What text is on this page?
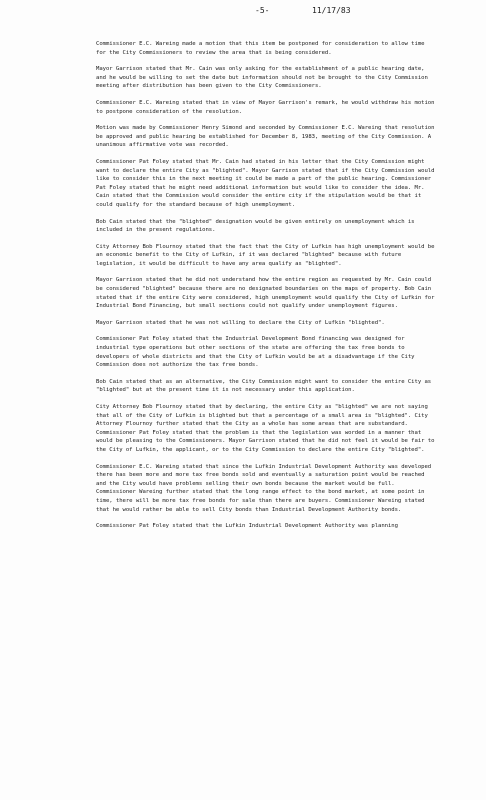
-5-	11/17/83

Commissioner E.C. Wareing made a motion that this item be postponed for consideration to allow time for the City Commissioners to review the area that is being considered.

Mayor Garrison stated that Mr. Cain was only asking for the establishment of a public hearing date, and he would be willing to set the date but information should not be brought to the City Commission meeting after distribution has been given to the City Commissioners.

Commissioner E.C. Wareing stated that in view of Mayor Garrison's remark, he would withdraw his motion to postpone consideration of the resolution.

Motion was made by Commissioner Henry Simond and seconded by Commissioner E.C. Wareing that resolution be approved and public hearing be established for December 8, 1983, meeting of the City Commission. A unanimous affirmative vote was recorded.

Commissioner Pat Foley stated that Mr. Cain had stated in his letter that the City Commission might want to declare the entire City as "blighted". Mayor Garrison stated that if the City Commission would like to consider this in the next meeting it could be made a part of the public hearing. Commissioner Pat Foley stated that he might need additional information but would like to consider the idea. Mr. Cain stated that the Commission would consider the entire city if the stipulation would be that it could qualify for the standard because of high unemployment.

Bob Cain stated that the "blighted" designation would be given entirely on unemployment which is included in the present regulations.

City Attorney Bob Flournoy stated that the fact that the City of Lufkin has high unemployment would be an economic benefit to the City of Lufkin, if it was declared "blighted" because with future legislation, it would be difficult to have any area qualify as "blighted".

Mayor Garrison stated that he did not understand how the entire region as requested by Mr. Cain could be considered "blighted" because there are no designated boundaries on the maps of property. Bob Cain stated that if the entire City were considered, high unemployment would qualify the City of Lufkin for Industrial Bond Financing, but small sections could not qualify under unemployment figures.

Mayor Garrison stated that he was not willing to declare the City of Lufkin "blighted".

Commissioner Pat Foley stated that the Industrial Development Bond financing was designed for industrial type operations but other sections of the state are offering the tax free bonds to developers of whole districts and that the City of Lufkin would be at a disadvantage if the City Commission does not authorize the tax free bonds.

Bob Cain stated that as an alternative, the City Commission might want to consider the entire City as "blighted" but at the present time it is not necessary under this application.

City Attorney Bob Flournoy stated that by declaring, the entire City as "blighted" we are not saying that all of the City of Lufkin is blighted but that a percentage of a small area is "blighted". City Attorney Flournoy further stated that the City as a whole has some areas that are substandard. Commissioner Pat Foley stated that the problem is that the legislation was worded in a manner that would be pleasing to the Commissioners. Mayor Garrison stated that he did not feel it would be fair to the City of Lufkin, the applicant, or to the City Commission to declare the entire City "blighted".

Commissioner E.C. Wareing stated that since the Lufkin Industrial Development Authority was developed there has been more and more tax free bonds sold and eventually a saturation point would be reached and the City would have problems selling their own bonds because the market would be full. Commissioner Wareing further stated that the long range effect to the bond market, at some point in time, there will be more tax free bonds for sale than there are buyers. Commissioner Wareing stated that he would rather be able to sell City bonds than Industrial Development Authority bonds.

Commissioner Pat Foley stated that the Lufkin Industrial Development Authority was planning
